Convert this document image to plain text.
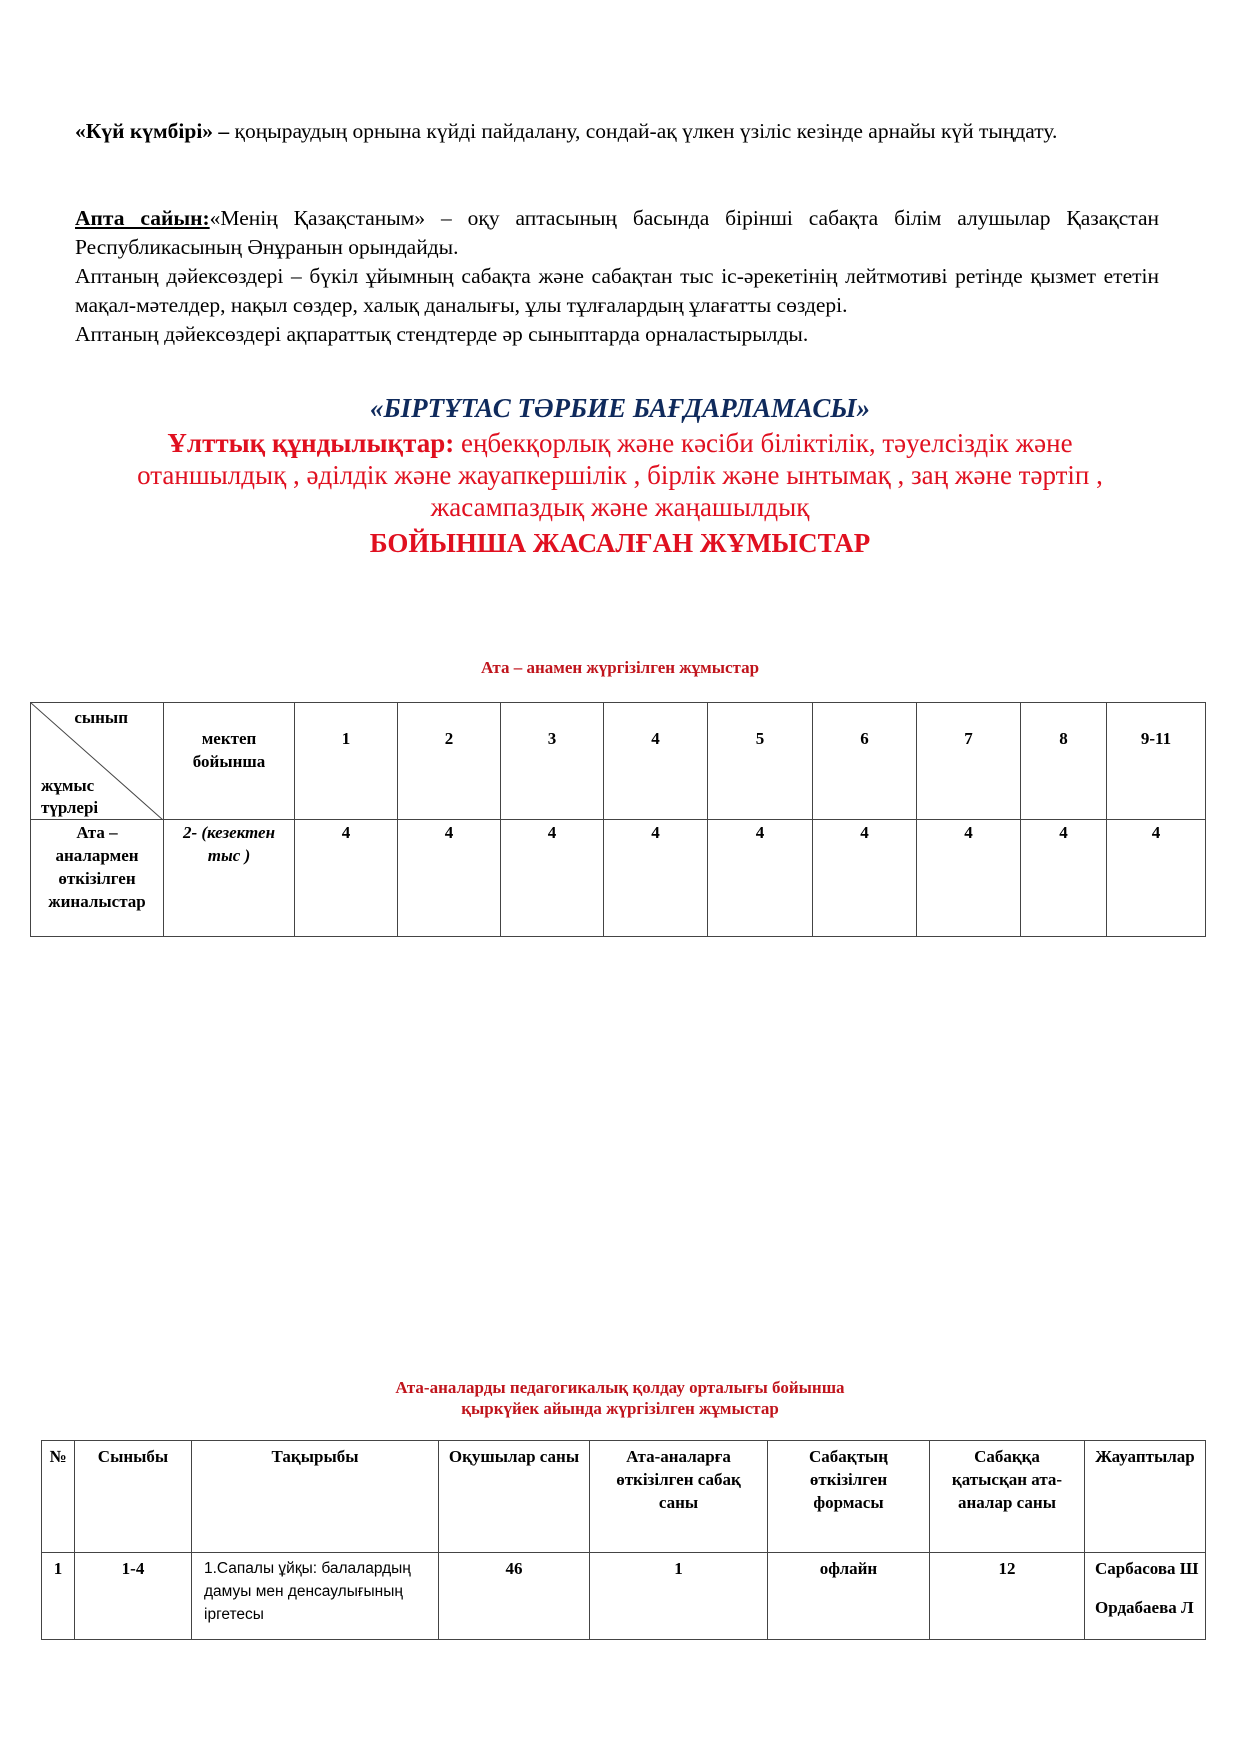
«Күй күмбірі» – қоңыраудың орнына күйді пайдалану, сондай-ақ үлкен үзіліс кезінде арнайы күй тыңдату.
Апта сайын:«Менің Қазақстаным» – оқу аптасының басында бірінші сабақта білім алушылар Қазақстан Республикасының Әнұранын орындайды.
Аптаның дәйексөздері – бүкіл ұйымның сабақта және сабақтан тыс іс-әрекетінің лейтмотиві ретінде қызмет ететін мақал-мәтелдер, нақыл сөздер, халық даналығы, ұлы тұлғалардың ұлағатты сөздері.
Аптаның дәйексөздері ақпараттық стендтерде әр сыныптарда орналастырылды.
«БІРТҰТАС ТӘРБИЕ БАҒДАРЛАМАСЫ»
Ұлттық құндылықтар: еңбекқорлық және кәсіби біліктілік, тәуелсіздік және
отаншылдық , әділдік және жауапкершілік , бірлік және ынтымақ , заң және тәртіп ,
жасампаздық және жаңашылдық
БОЙЫНША ЖАСАЛҒАН ЖҰМЫСТАР
Ата – анамен жүргізілген жұмыстар
сынып
жұмыс түрлері	мектеп бойынша	1	2	3	4	5	6	7	8	9-11
Ата – аналармен өткізілген жиналыстар	2- (кезектен тыс )	4	4	4	4	4	4	4	4	4
Ата-аналарды педагогикалық қолдау орталығы бойынша
қыркүйек айында жүргізілген жұмыстар
№	Сыныбы	Тақырыбы	Оқушылар саны	Ата-аналарға өткізілген сабақ саны	Сабақтың өткізілген формасы	Сабаққа қатысқан ата-аналар саны	Жауаптылар
1	1-4	1.Сапалы ұйқы: балалардың дамуы мен денсаулығының іргетесы	46	1	офлайн	12	Сарбасова Ш
Ордабаева Л
